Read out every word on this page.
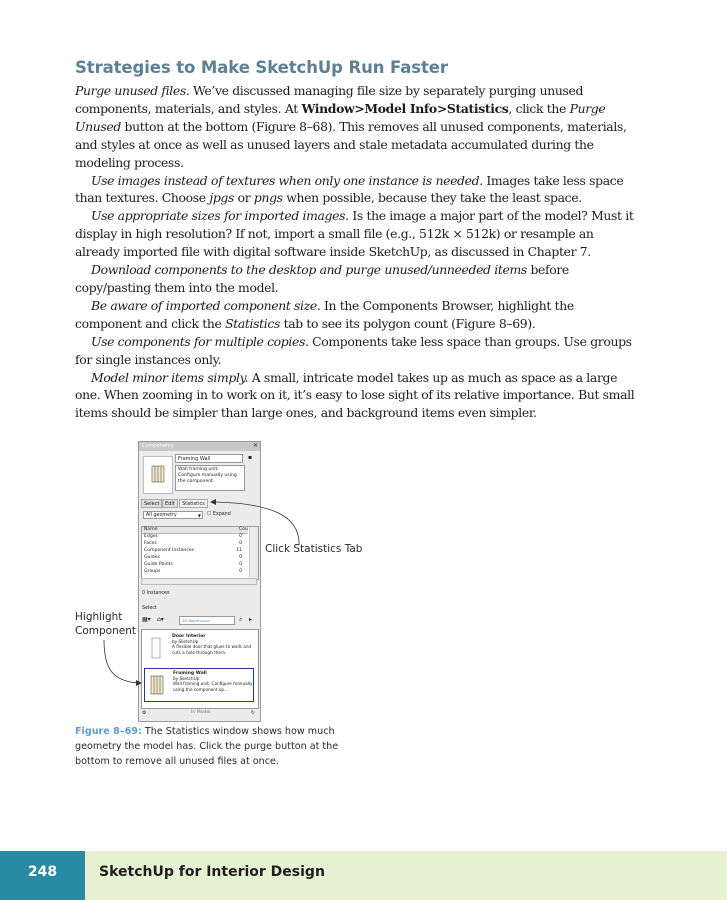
Strategies to Make SketchUp Run Faster

Purge unused files. We’ve discussed managing file size by separately purging unused components, materials, and styles. At Window>Model Info>Statistics, click the Purge Unused button at the bottom (Figure 8–68). This removes all unused components, materials, and styles at once as well as unused layers and stale metadata accumulated during the modeling process.

Use images instead of textures when only one instance is needed. Images take less space than textures. Choose jpgs or pngs when possible, because they take the least space.

Use appropriate sizes for imported images. Is the image a major part of the model? Must it display in high resolution? If not, import a small file (e.g., 512k × 512k) or resample an already imported file with digital software inside SketchUp, as discussed in Chapter 7.

Download components to the desktop and purge unused/unneeded items before copy/pasting them into the model.

Be aware of imported component size. In the Components Browser, highlight the component and click the Statistics tab to see its polygon count (Figure 8–69).

Use components for multiple copies. Components take less space than groups. Use groups for single instances only.

Model minor items simply. A small, intricate model takes up as much as space as a large one. When zooming in to work on it, it’s easy to lose sight of its relative importance. But small items should be simpler than large ones, and background items even simpler.

Components	✕
Framing Wall	▪
Wall framing unit. Configure manually using the component.
Select	Edit	Statistics
All geometry	▼ ☐ Expand
Name	Cou
Edges	0
Faces	0
Component Instances	11
Guides	0
Guide Points	0
Groups	0
0 Instances
Select
▦▾ ⌂▾	3D Warehouse	⌕ ▸
Door Interior
by SketchUp
A flexible door that glues to walls and cuts a hole through them.
Framing Wall
by SketchUp
Wall framing unit. Configure manually using the component op...
⚙	In Model	↻
Click Statistics Tab
Highlight
Component
Figure 8–69: The Statistics window shows how much geometry the model has. Click the purge button at the bottom to remove all unused files at once.
248	SketchUp for Interior Design
